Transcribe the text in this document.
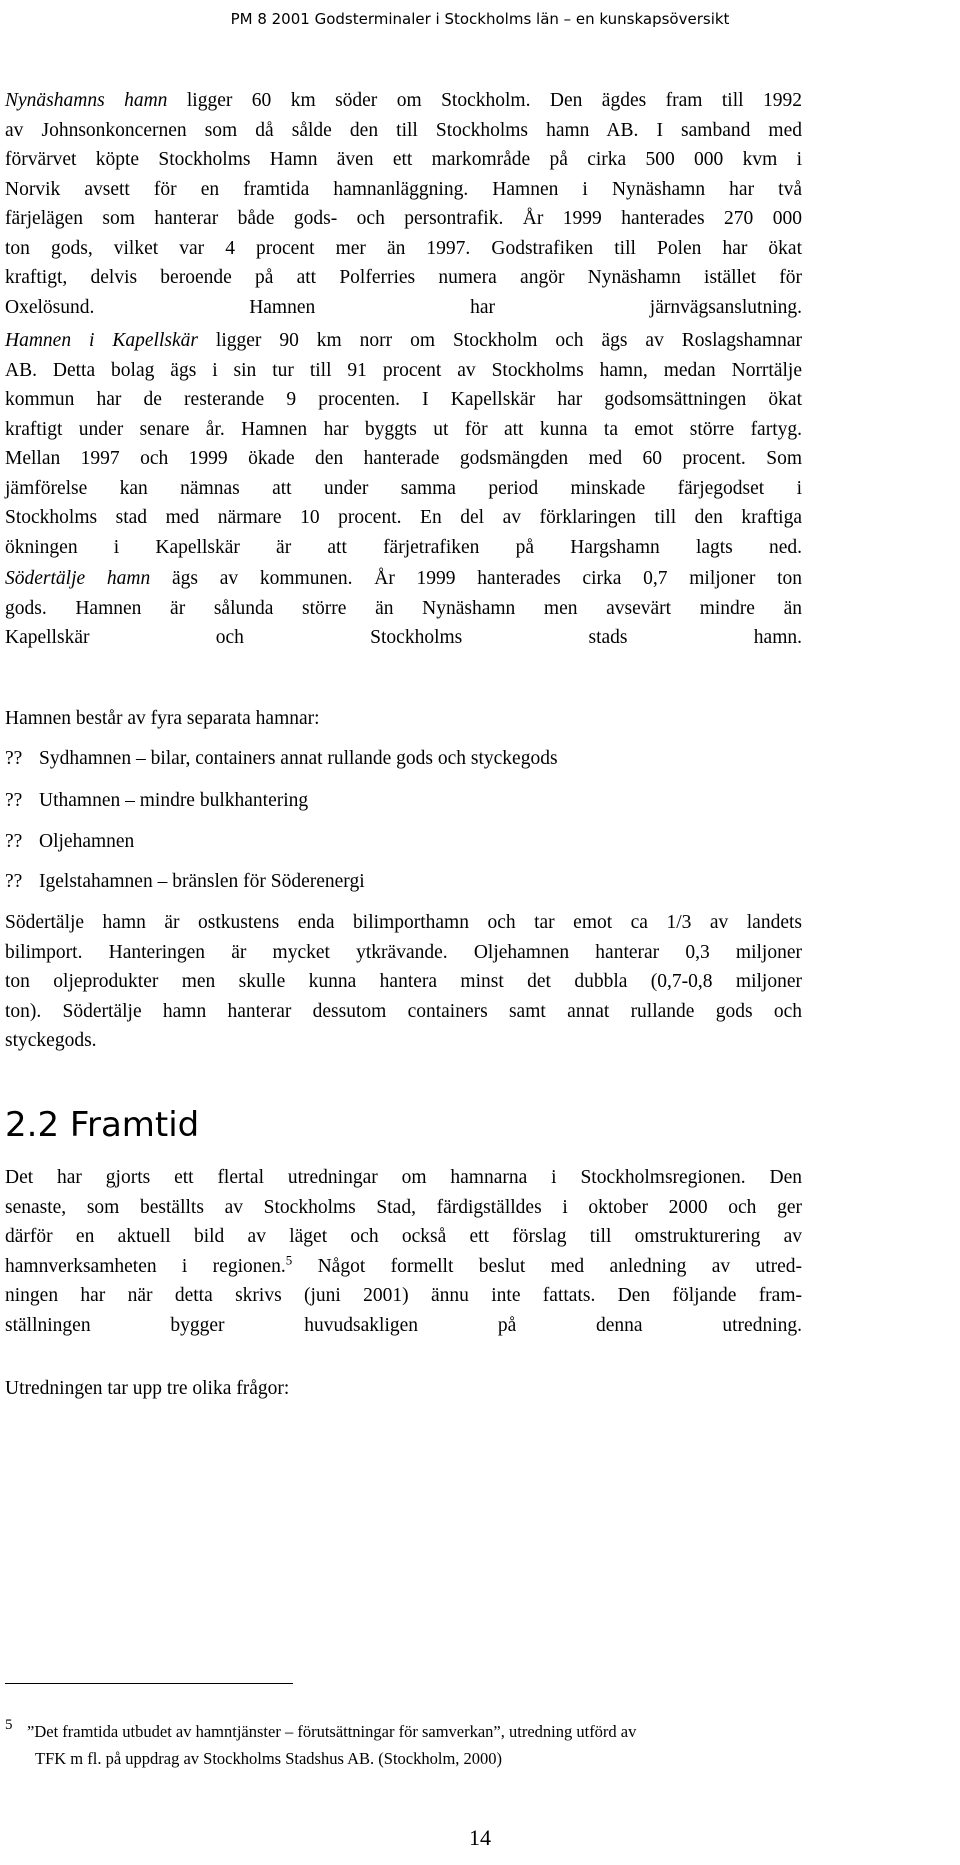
PM 8 2001 Godsterminaler i Stockholms län – en kunskapsöversikt
Nynäshamns hamn ligger 60 km söder om Stockholm. Den ägdes fram till 1992
av Johnsonkoncernen som då sålde den till Stockholms hamn AB. I samband med
förvärvet köpte Stockholms Hamn även ett markområde på cirka 500 000 kvm i
Norvik avsett för en framtida hamnanläggning. Hamnen i Nynäshamn har två
färjelägen som hanterar både gods- och persontrafik. År 1999 hanterades 270 000
ton gods, vilket var 4 procent mer än 1997. Godstrafiken till Polen har ökat
kraftigt, delvis beroende på att Polferries numera angör Nynäshamn istället för
Oxelösund. Hamnen har järnvägsanslutning.
Hamnen i Kapellskär ligger 90 km norr om Stockholm och ägs av Roslagshamnar
AB. Detta bolag ägs i sin tur till 91 procent av Stockholms hamn, medan Norrtälje
kommun har de resterande 9 procenten. I Kapellskär har godsomsättningen ökat
kraftigt under senare år. Hamnen har byggts ut för att kunna ta emot större fartyg.
Mellan 1997 och 1999 ökade den hanterade godsmängden med 60 procent. Som
jämförelse kan nämnas att under samma period minskade färjegodset i
Stockholms stad med närmare 10 procent. En del av förklaringen till den kraftiga
ökningen i Kapellskär är att färjetrafiken på Hargshamn lagts ned.
Södertälje hamn ägs av kommunen. År 1999 hanterades cirka 0,7 miljoner ton
gods. Hamnen är sålunda större än Nynäshamn men avsevärt mindre än
Kapellskär och Stockholms stads hamn.
Hamnen består av fyra separata hamnar:
?? Sydhamnen – bilar, containers annat rullande gods och styckegods
?? Uthamnen – mindre bulkhantering
?? Oljehamnen
?? Igelstahamnen – bränslen för Söderenergi
Södertälje hamn är ostkustens enda bilimporthamn och tar emot ca 1/3 av landets
bilimport. Hanteringen är mycket ytkrävande. Oljehamnen hanterar 0,3 miljoner
ton oljeprodukter men skulle kunna hantera minst det dubbla (0,7-0,8 miljoner
ton). Södertälje hamn hanterar dessutom containers samt annat rullande gods och
styckegods.
2.2 Framtid
Det har gjorts ett flertal utredningar om hamnarna i Stockholmsregionen. Den
senaste, som beställts av Stockholms Stad, färdigställdes i oktober 2000 och ger
därför en aktuell bild av läget och också ett förslag till omstrukturering av
hamnverksamheten i regionen.$^5$ Något formellt beslut med anledning av utred-
ningen har när detta skrivs (juni 2001) ännu inte fattats. Den följande fram-
ställningen bygger huvudsakligen på denna utredning.
Utredningen tar upp tre olika frågor:
5 ”Det framtida utbudet av hamntjänster – förutsättningar för samverkan”, utredning utförd av
TFK m fl. på uppdrag av Stockholms Stadshus AB. (Stockholm, 2000)
14
